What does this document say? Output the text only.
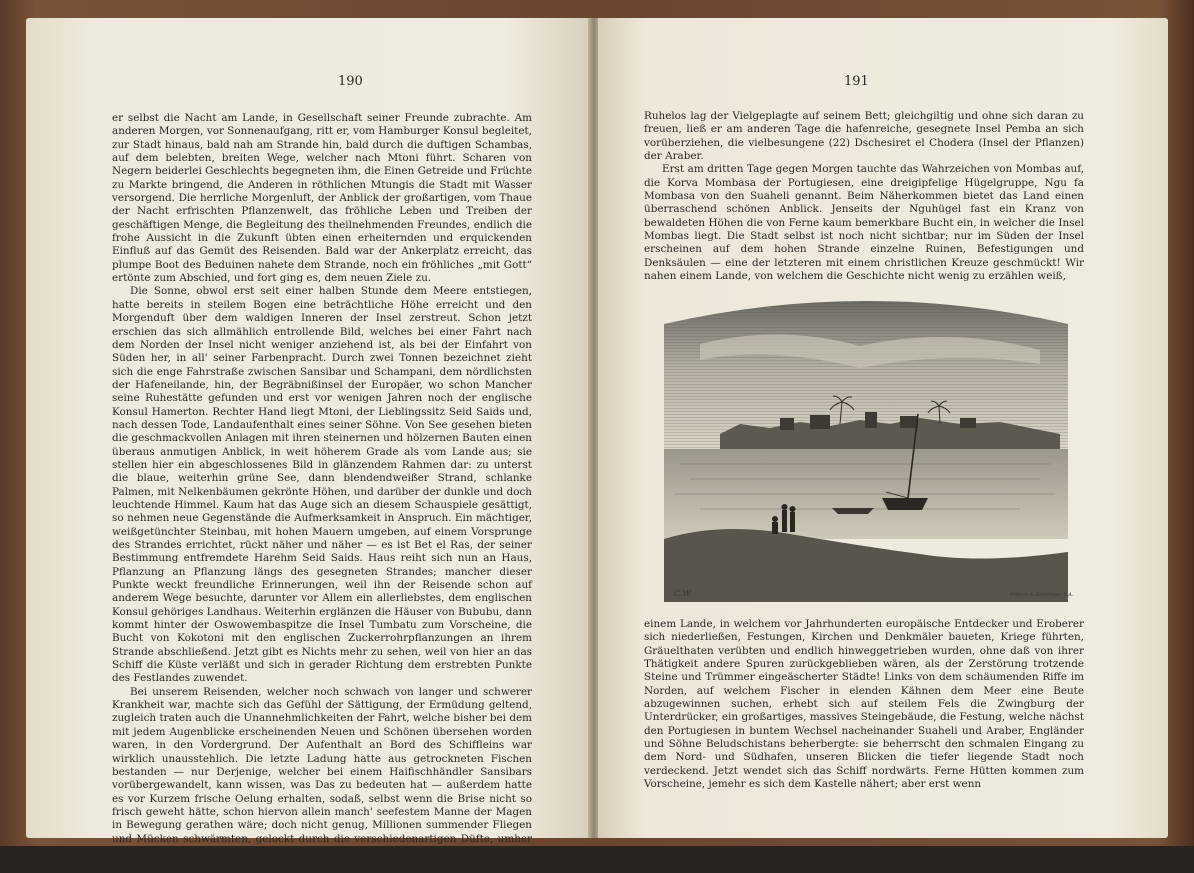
190

er selbst die Nacht am Lande, in Gesellschaft seiner Freunde zubrachte. Am anderen Morgen, vor Sonnenaufgang, ritt er, vom Hamburger Konsul begleitet, zur Stadt hinaus, bald nah am Strande hin, bald durch die duftigen Schambas, auf dem belebten, breiten Wege, welcher nach Mtoni führt. Scharen von Negern beiderlei Geschlechts begegneten ihm, die Einen Getreide und Früchte zu Markte bringend, die Anderen in röthlichen Mtungis die Stadt mit Wasser versorgend. Die herrliche Morgenluft, der Anblick der großartigen, vom Thaue der Nacht erfrischten Pflanzenwelt, das fröhliche Leben und Treiben der geschäftigen Menge, die Begleitung des theilnehmenden Freundes, endlich die frohe Aussicht in die Zukunft übten einen erheiternden und erquickenden Einfluß auf das Gemüt des Reisenden. Bald war der Ankerplatz erreicht, das plumpe Boot des Beduinen nahete dem Strande, noch ein fröhliches „mit Gott“ ertönte zum Abschied, und fort ging es, dem neuen Ziele zu.

Die Sonne, obwol erst seit einer halben Stunde dem Meere entstiegen, hatte bereits in steilem Bogen eine beträchtliche Höhe erreicht und den Morgenduft über dem waldigen Inneren der Insel zerstreut. Schon jetzt erschien das sich allmählich entrollende Bild, welches bei einer Fahrt nach dem Norden der Insel nicht weniger anziehend ist, als bei der Einfahrt von Süden her, in all' seiner Farbenpracht. Durch zwei Tonnen bezeichnet zieht sich die enge Fahrstraße zwischen Sansibar und Schampani, dem nördlichsten der Hafeneilande, hin, der Begräbnißinsel der Europäer, wo schon Mancher seine Ruhestätte gefunden und erst vor wenigen Jahren noch der englische Konsul Hamerton. Rechter Hand liegt Mtoni, der Lieblingssitz Seid Saids und, nach dessen Tode, Landaufenthalt eines seiner Söhne. Von See gesehen bieten die geschmackvollen Anlagen mit ihren steinernen und hölzernen Bauten einen überaus anmutigen Anblick, in weit höherem Grade als vom Lande aus; sie stellen hier ein abgeschlossenes Bild in glänzendem Rahmen dar: zu unterst die blaue, weiterhin grüne See, dann blendendweißer Strand, schlanke Palmen, mit Nelkenbäumen gekrönte Höhen, und darüber der dunkle und doch leuchtende Himmel. Kaum hat das Auge sich an diesem Schauspiele gesättigt, so nehmen neue Gegenstände die Aufmerksamkeit in Anspruch. Ein mächtiger, weißgetünchter Steinbau, mit hohen Mauern umgeben, auf einem Vorsprunge des Strandes errichtet, rückt näher und näher — es ist Bet el Ras, der seiner Bestimmung entfremdete Harehm Seid Saids. Haus reiht sich nun an Haus, Pflanzung an Pflanzung längs des gesegneten Strandes; mancher dieser Punkte weckt freundliche Erinnerungen, weil ihn der Reisende schon auf anderem Wege besuchte, darunter vor Allem ein allerliebstes, dem englischen Konsul gehöriges Landhaus. Weiterhin erglänzen die Häuser von Bububu, dann kommt hinter der Oswowembaspitze die Insel Tumbatu zum Vorscheine, die Bucht von Kokotoni mit den englischen Zuckerrohrpflanzungen an ihrem Strande abschließend. Jetzt gibt es Nichts mehr zu sehen, weil von hier an das Schiff die Küste verläßt und sich in gerader Richtung dem erstrebten Punkte des Festlandes zuwendet.

Bei unserem Reisenden, welcher noch schwach von langer und schwerer Krankheit war, machte sich das Gefühl der Sättigung, der Ermüdung geltend, zugleich traten auch die Unannehmlichkeiten der Fahrt, welche bisher bei dem mit jedem Augenblicke erscheinenden Neuen und Schönen übersehen worden waren, in den Vordergrund. Der Aufenthalt an Bord des Schiffleins war wirklich unausstehlich. Die letzte Ladung hatte aus getrockneten Fischen bestanden — nur Derjenige, welcher bei einem Haifischhändler Sansibars vorübergewandelt, kann wissen, was Das zu bedeuten hat — außerdem hatte es vor Kurzem frische Oelung erhalten, sodaß, selbst wenn die Brise nicht so frisch geweht hätte, schon hiervon allein manch' seefestem Manne der Magen in Bewegung gerathen wäre; doch nicht genug, Millionen summender Fliegen und Mücken schwärmten, gelockt durch die verschiedenartigen Düfte, umher und belästigten, Ruhe oder Nahrung suchend, den Müden auf das Unausstehlichste.

191

Ruhelos lag der Vielgeplagte auf seinem Bett; gleichgiltig und ohne sich daran zu freuen, ließ er am anderen Tage die hafenreiche, gesegnete Insel Pemba an sich vorüberziehen, die vielbesungene (22) Dschesiret el Chodera (Insel der Pflanzen) der Araber.

Erst am dritten Tage gegen Morgen tauchte das Wahrzeichen von Mombas auf, die Korva Mombasa der Portugiesen, eine dreigipfelige Hügelgruppe, Ngu fa Mombasa von den Suaheli genannt. Beim Näherkommen bietet das Land einen überraschend schönen Anblick. Jenseits der Nguhügel fast ein Kranz von bewaldeten Höhen die von Ferne kaum bemerkbare Bucht ein, in welcher die Insel Mombas liegt. Die Stadt selbst ist noch nicht sichtbar; nur im Süden der Insel erscheinen auf dem hohen Strande einzelne Ruinen, Befestigungen und Denksäulen — eine der letzteren mit einem christlichen Kreuze geschmückt! Wir nahen einem Lande, von welchem die Geschichte nicht wenig zu erzählen weiß,

C.W.	Fritsch & Kallmeyer X.A.

einem Lande, in welchem vor Jahrhunderten europäische Entdecker und Eroberer sich niederließen, Festungen, Kirchen und Denkmäler baueten, Kriege führten, Gräuelthaten verübten und endlich hinweggetrieben wurden, ohne daß von ihrer Thätigkeit andere Spuren zurückgeblieben wären, als der Zerstörung trotzende Steine und Trümmer eingeäscherter Städte! Links von dem schäumenden Riffe im Norden, auf welchem Fischer in elenden Kähnen dem Meer eine Beute abzugewinnen suchen, erhebt sich auf steilem Fels die Zwingburg der Unterdrücker, ein großartiges, massives Steingebäude, die Festung, welche nächst den Portugiesen in buntem Wechsel nacheinander Suaheli und Araber, Engländer und Söhne Beludschistans beherbergte: sie beherrscht den schmalen Eingang zu dem Nord- und Südhafen, unseren Blicken die tiefer liegende Stadt noch verdeckend. Jetzt wendet sich das Schiff nordwärts. Ferne Hütten kommen zum Vorscheine, jemehr es sich dem Kastelle nähert; aber erst wenn
